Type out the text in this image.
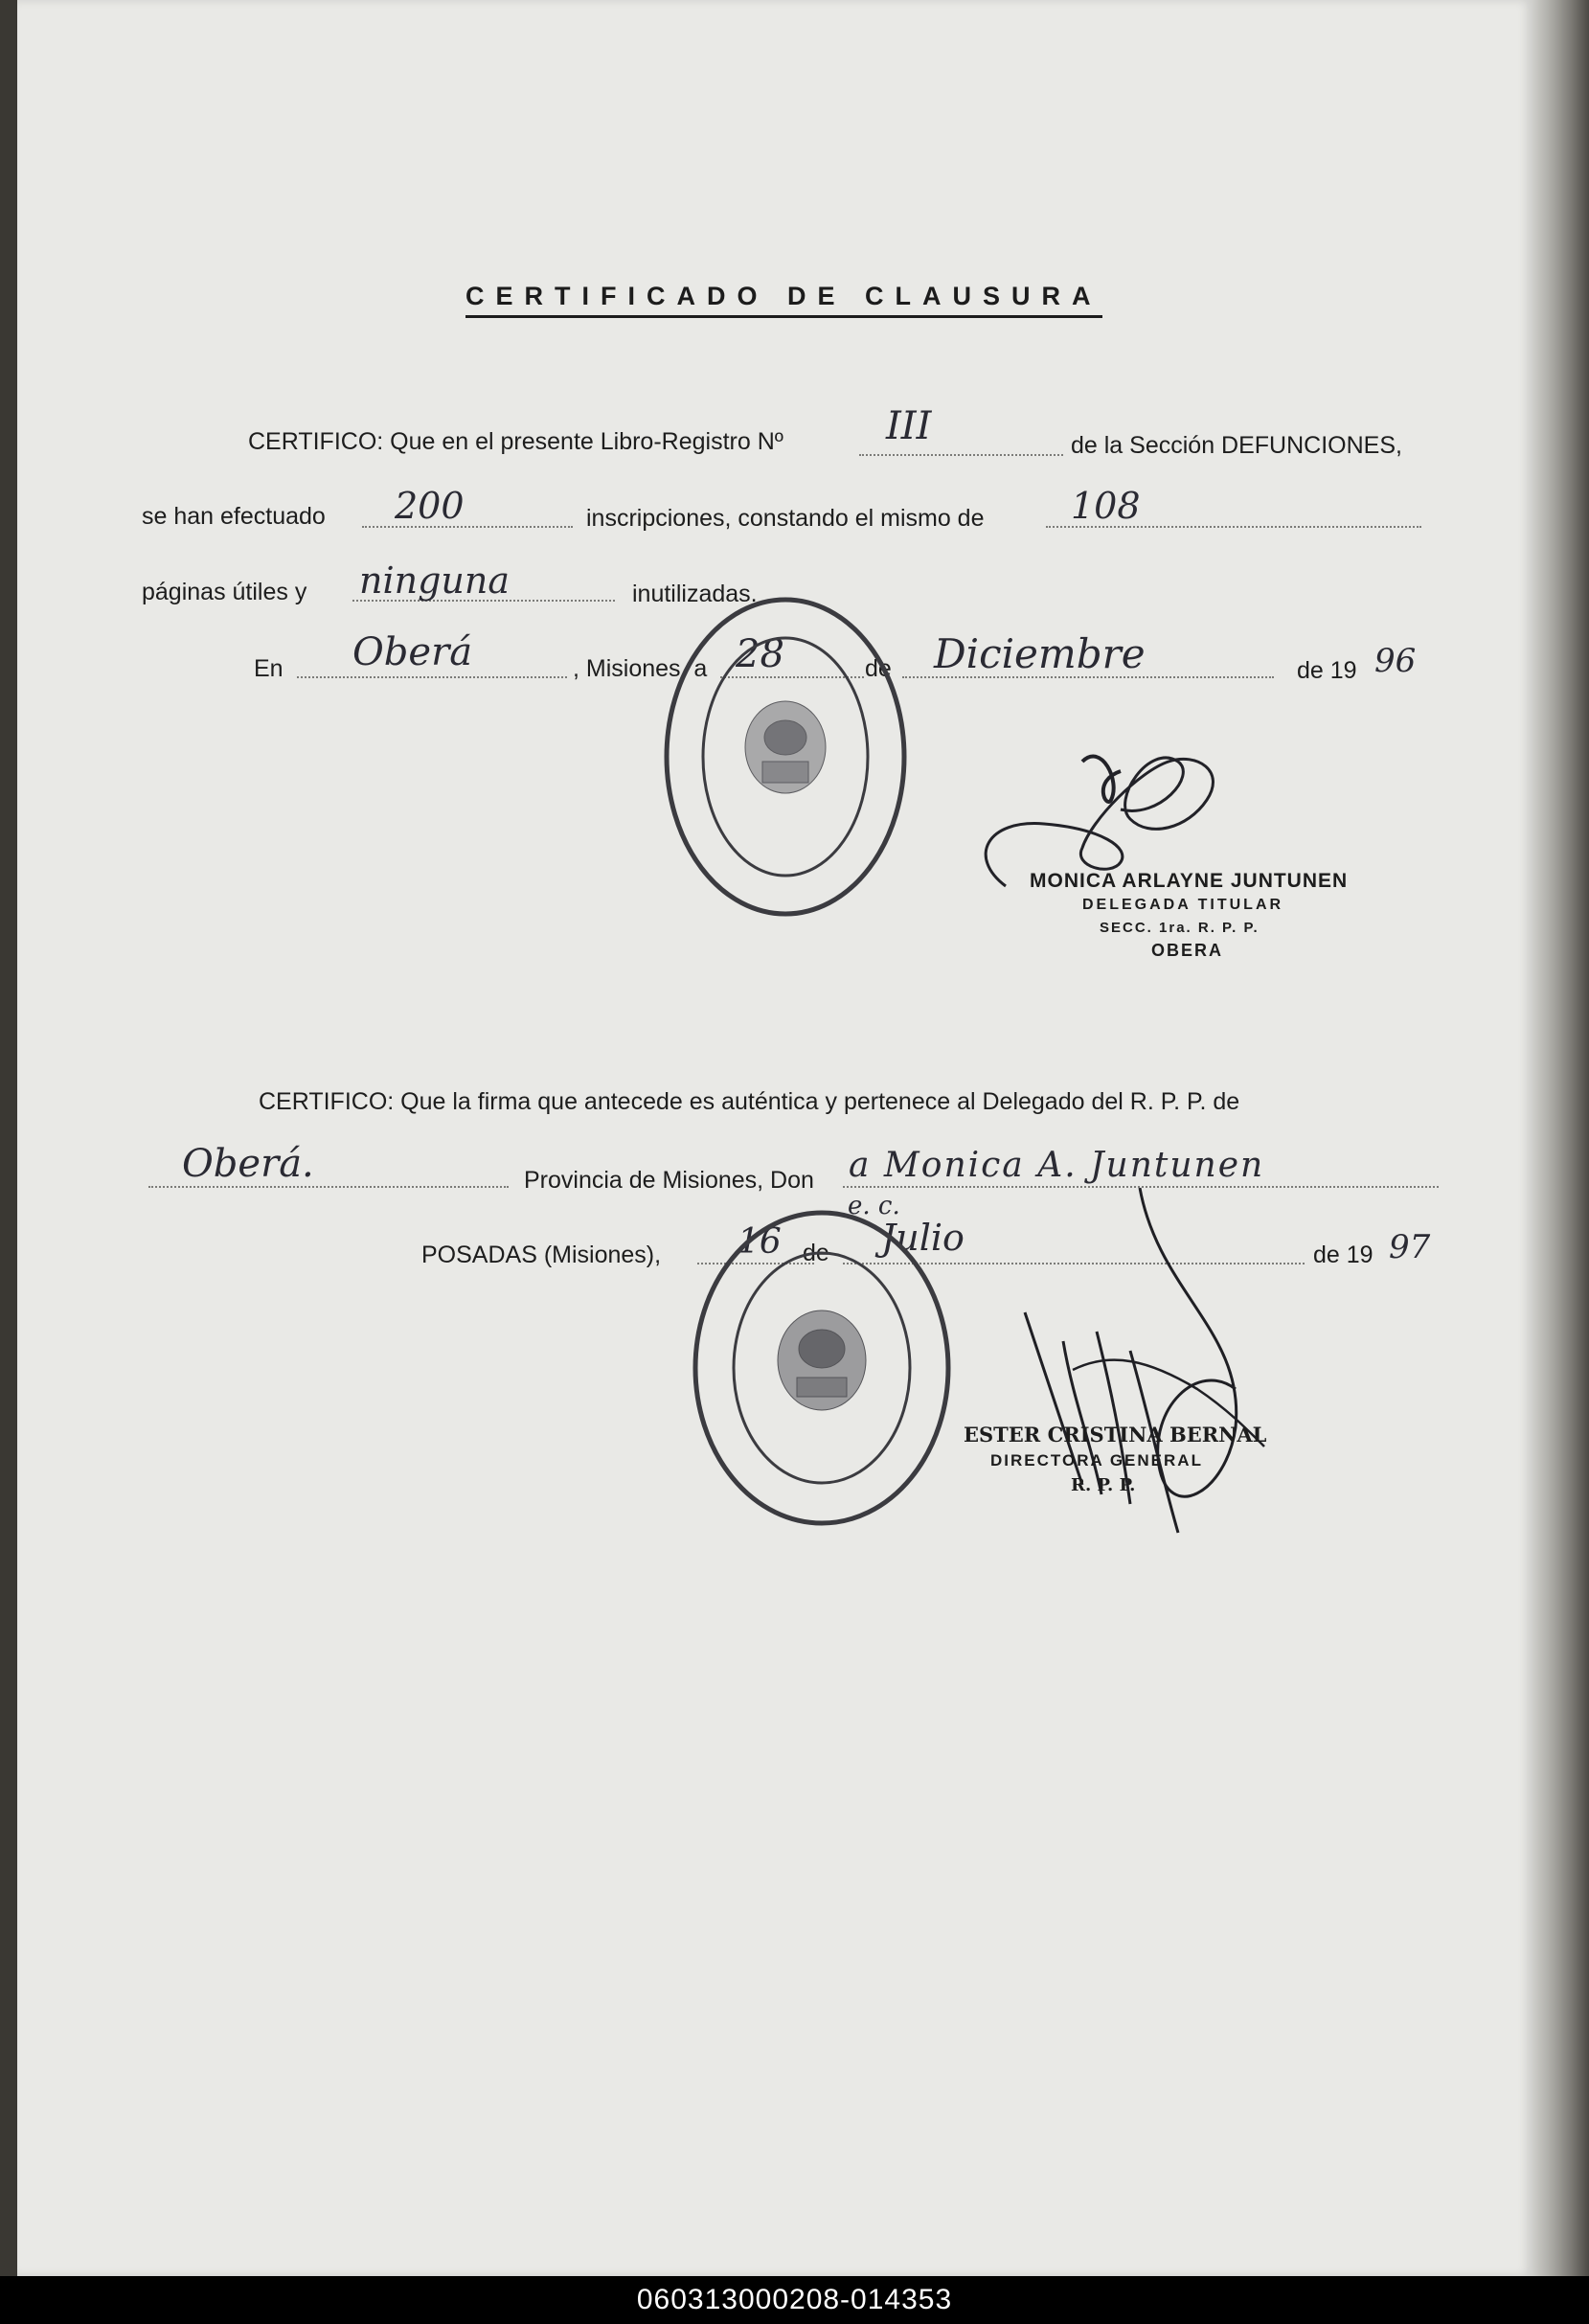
CERTIFICADO DE CLAUSURA
CERTIFICO: Que en el presente Libro-Registro Nº	III	de la Sección DEFUNCIONES,
se han efectuado 200	inscripciones, constando el mismo de 108
páginas útiles y ninguna	inutilizadas.
En Oberá	, Misiones, a 28	de Diciembre	de 19 96
MONICA ARLAYNE JUNTUNEN
DELEGADA TITULAR
SECC. 1ra. R. P. P.
OBERA
CERTIFICO: Que la firma que antecede es auténtica y pertenece al Delegado del R. P. P. de
Oberá.	Provincia de Misiones, Don a Monica A. Juntunen
e. c.
POSADAS (Misiones), 16 de Julio	de 19 97
ESTER CRISTINA BERNAL
DIRECTORA GENERAL
R. P. P.
060313000208-014353
